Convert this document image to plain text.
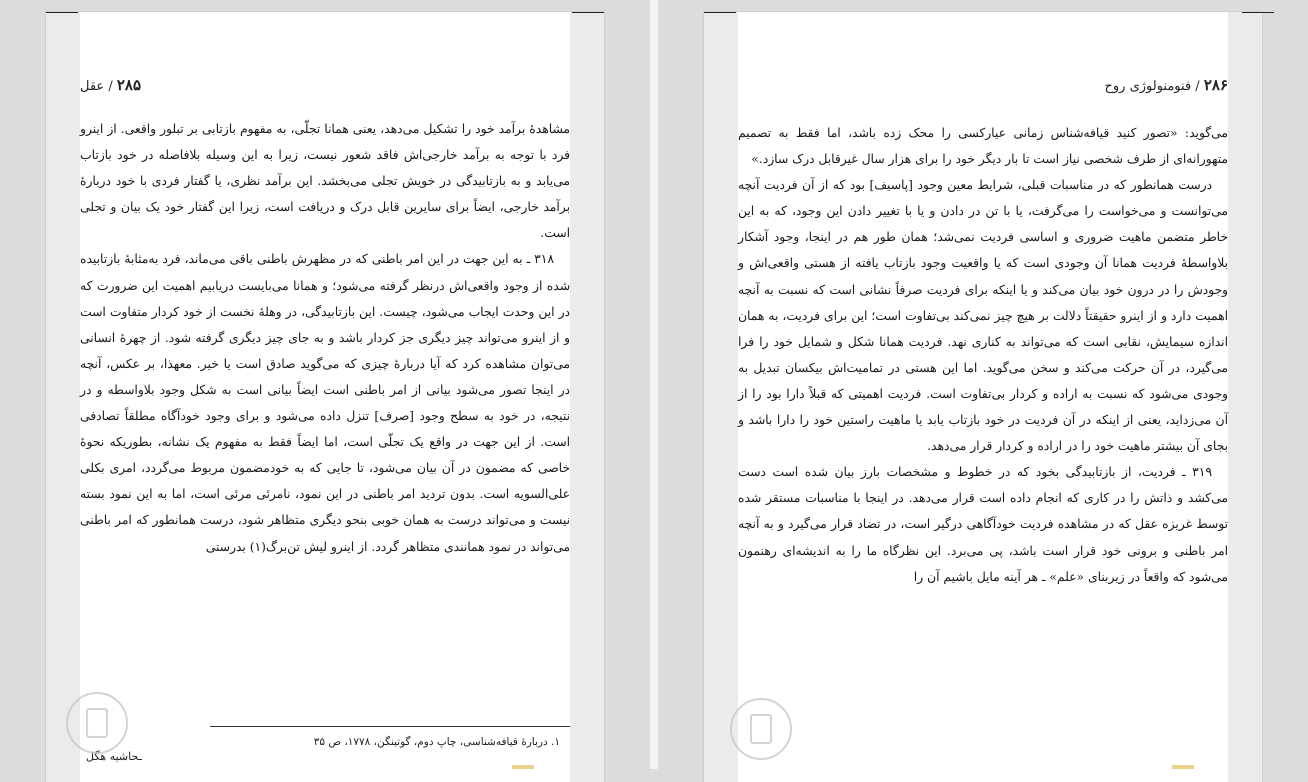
۲۸۵ / عقل

مشاهدهٔ برآمد خود را تشکیل می‌دهد، یعنی همانا تجلّی، به مفهوم بازتابی بر تبلور واقعی. از اینرو فرد با توجه به برآمد خارجی‌اش فاقد شعور نیست، زیرا به این وسیله بلافاصله در خود بازتاب می‌یابد و به بازتابیدگی در خویش تجلی می‌بخشد. این برآمد نظری، یا گفتار فردی با خود دربارهٔ برآمد خارجی، ایضاً برای سایرین قابل درک و دریافت است، زیرا این گفتار خود یک بیان و تجلی است.

۳۱۸ ـ به این جهت در این امر باطنی که در مظهرش باطنی باقی می‌ماند، فرد به‌مثابهٔ بازتابیده شده از وجود واقعی‌اش درنظر گرفته می‌شود؛ و همانا می‌بایست دریابیم اهمیت این ضرورت که در این وحدت ایجاب می‌شود، چیست. این بازتابیدگی، در وهلهٔ نخست از خود کردار متفاوت است و از اینرو می‌تواند چیز دیگری جز کردار باشد و به جای چیز دیگری گرفته شود. از چهرهٔ انسانی می‌توان مشاهده کرد که آیا دربارهٔ چیزی که می‌گوید صادق است یا خیر. معهذا، بر عکس، آنچه در اینجا تصور می‌شود بیانی از امر باطنی است ایضاً بیانی است به شکل وجود بلاواسطه و در نتیجه، در خود به سطح وجود [صرف] تنزل داده می‌شود و برای وجود خودآگاه مطلقاً تصادفی است. از این جهت در واقع یک تجلّی است، اما ایضاً فقط به مفهوم یک نشانه، بطوریکه نحوهٔ خاصی که مضمون در آن بیان می‌شود، تا جایی که به خودمضمون مربوط می‌گردد، امری بکلی علی‌السویه است. بدون تردید امر باطنی در این نمود، نامرئی مرئی است، اما به این نمود بسته نیست و می‌تواند درست به همان خوبی بنحو دیگری متظاهر شود، درست همانطور که امر باطنی می‌تواند در نمود همانندی متظاهر گردد. از اینرو لیش تن‌برگ(۱) بدرستی

۱. دربارهٔ قیافه‌شناسی، چاپ دوم، گوتینگن، ۱۷۷۸، ص ۳۵
ـحاشیه هگل
۲۸۶ / فنومنولوژی روح

می‌گوید: «تصور کنید قیافه‌شناس زمانی عیارکسی را محک زده باشد، اما فقط به تصمیم متهورانه‌ای از طرف شخصی نیاز است تا بار دیگر خود را برای هزار سال غیرقابل درک سازد.»

درست همانطور که در مناسبات قبلی، شرایط معین وجود [پاسیف] بود که از آن فردیت آنچه می‌توانست و می‌خواست را می‌گرفت، یا با تن در دادن و یا با تغییر دادن این وجود، که به این خاطر متضمن ماهیت ضروری و اساسی فردیت نمی‌شد؛ همان طور هم در اینجا، وجود آشکار بلاواسطهٔ فردیت همانا آن وجودی است که یا واقعیت وجود بازتاب یافته از هستی واقعی‌اش و وجودش را در درون خود بیان می‌کند و یا اینکه برای فردیت صرفاً نشانی است که نسبت به آنچه اهمیت دارد و از اینرو حقیقتاً دلالت بر هیچ چیز نمی‌کند بی‌تفاوت است؛ این برای فردیت، به همان اندازه سیمایش، نقابی است که می‌تواند به کناری نهد. فردیت همانا شکل و شمایل خود را فرا می‌گیرد، در آن حرکت می‌کند و سخن می‌گوید. اما این هستی در تمامیت‌اش بیکسان تبدیل به وجودی می‌شود که نسبت به اراده و کردار بی‌تفاوت است. فردیت اهمیتی که قبلاً دارا بود را از آن می‌زداید، یعنی از اینکه در آن فردیت در خود بازتاب یابد یا ماهیت راستین خود را دارا باشد و بجای آن بیشتر ماهیت خود را در اراده و کردار قرار می‌دهد.

۳۱۹ ـ فردیت، از بازتابیدگی بخود که در خطوط و مشخصات بارز بیان شده است دست می‌کشد و ذاتش را در کاری که انجام داده است قرار می‌دهد. در اینجا با مناسبات مستقر شده توسط غریزه عقل که در مشاهده فردیت خودآگاهی درگیر است، در تضاد قرار می‌گیرد و به آنچه امر باطنی و برونی خود قرار است باشد، پی می‌برد. این نظرگاه ما را به اندیشه‌ای رهنمون می‌شود که واقعاً در زیربنای «علم» ـ هر آینه مایل باشیم آن را
